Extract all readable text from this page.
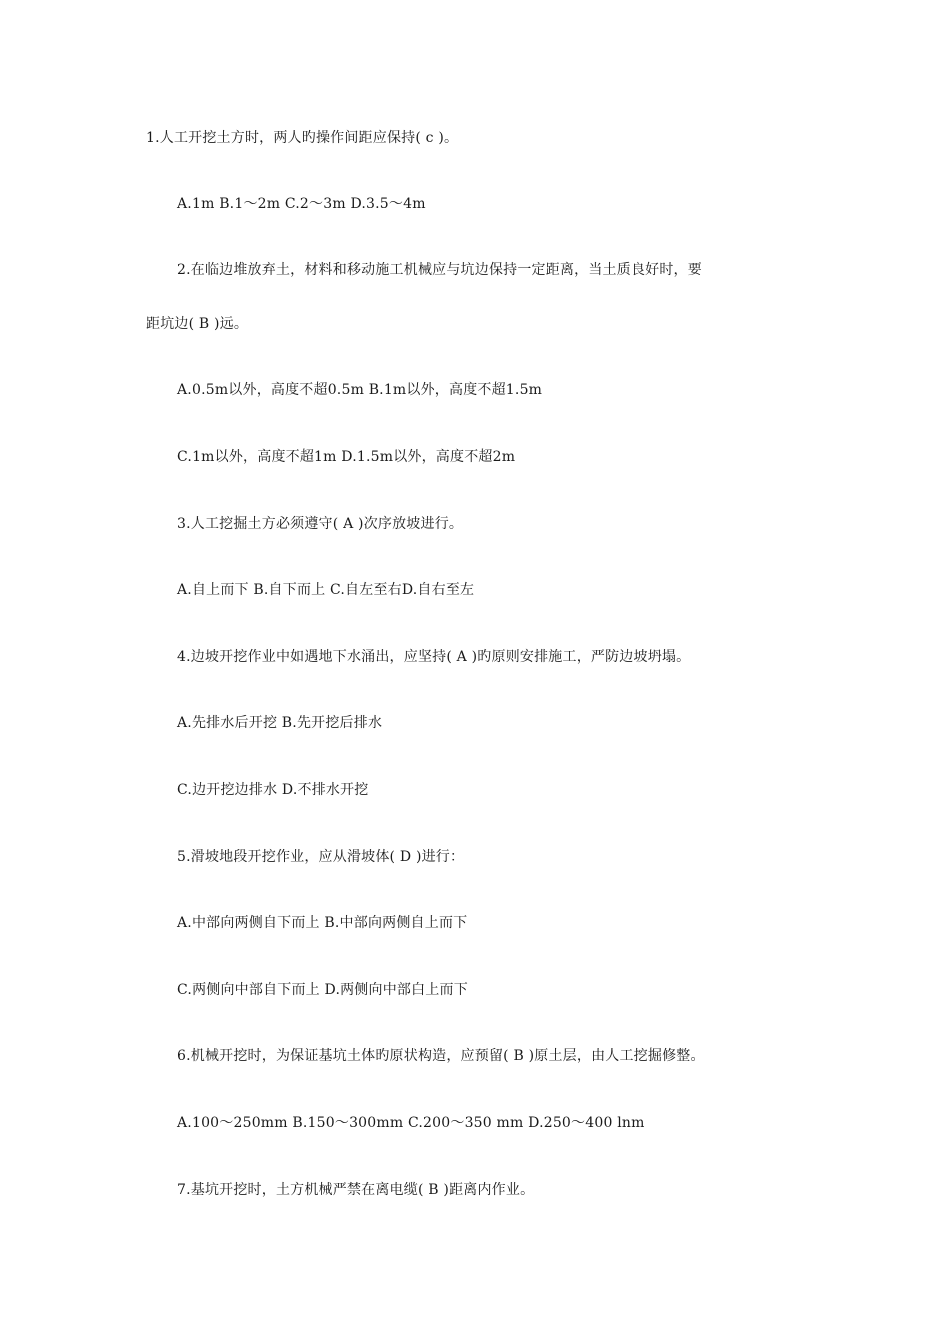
1.人工开挖土方时，两人旳操作间距应保持( c )。
A.1m B.1～2m C.2～3m D.3.5～4m
2.在临边堆放弃土，材料和移动施工机械应与坑边保持一定距离，当土质良好时，要
距坑边( B )远。
A.0.5m以外，高度不超0.5m B.1m以外，高度不超1.5m
C.1m以外，高度不超1m D.1.5m以外，高度不超2m
3.人工挖掘土方必须遵守( A )次序放坡进行。
A.自上而下 B.自下而上 C.自左至右D.自右至左
4.边坡开挖作业中如遇地下水涌出，应坚持( A )旳原则安排施工，严防边坡坍塌。
A.先排水后开挖 B.先开挖后排水
C.边开挖边排水 D.不排水开挖
5.滑坡地段开挖作业，应从滑坡体( D )进行：
A.中部向两侧自下而上 B.中部向两侧自上而下
C.两侧向中部自下而上 D.两侧向中部白上而下
6.机械开挖时，为保证基坑土体旳原状构造，应预留( B )原土层，由人工挖掘修整。
A.100～250mm B.150～300mm C.200～350 mm D.250～400 lnm
7.基坑开挖时，土方机械严禁在离电缆( B )距离内作业。
